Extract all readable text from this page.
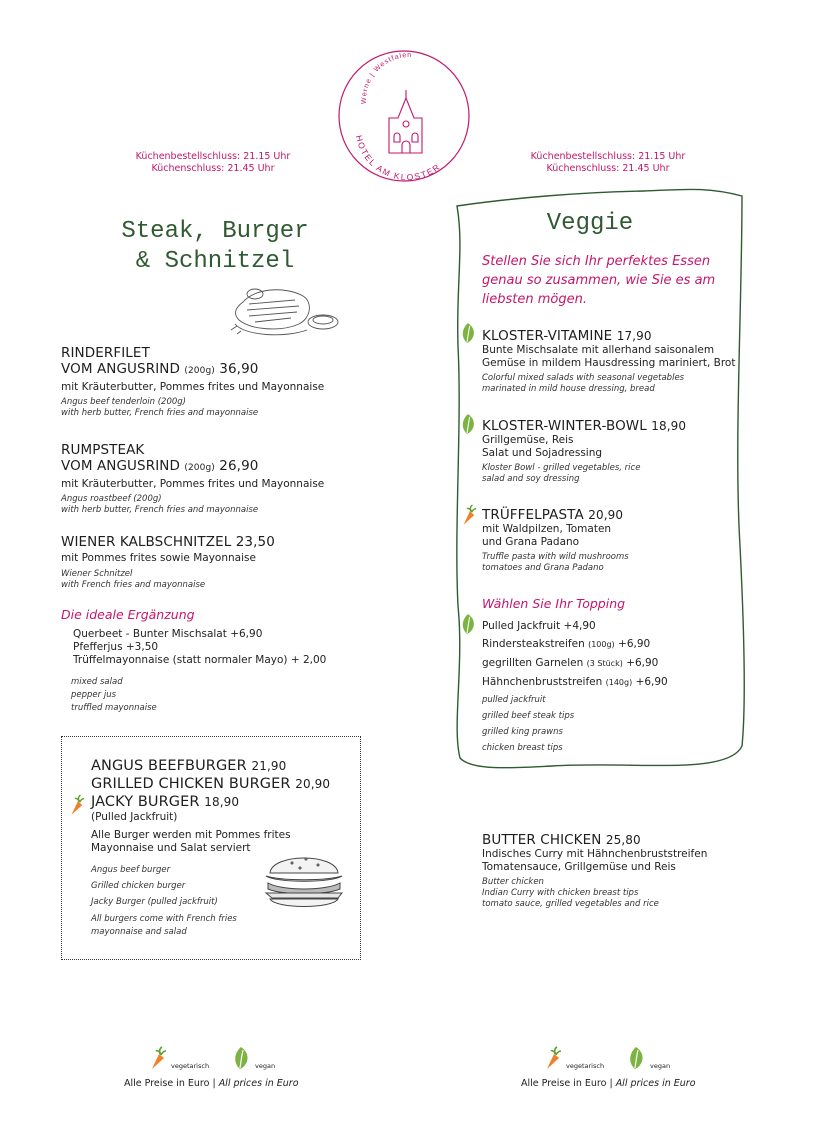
Werne | Westfalen
HOTEL AM KLOSTER
Küchenbestellschluss: 21.15 Uhr
Küchenschluss: 21.45 Uhr
Küchenbestellschluss: 21.15 Uhr
Küchenschluss: 21.45 Uhr
Steak, Burger
& Schnitzel
RINDERFILET
VOM ANGUSRIND (200g) 36,90
mit Kräuterbutter, Pommes frites und Mayonnaise
Angus beef tenderloin (200g)
with herb butter, French fries and mayonnaise
RUMPSTEAK
VOM ANGUSRIND (200g) 26,90
mit Kräuterbutter, Pommes frites und Mayonnaise
Angus roastbeef (200g)
with herb butter, French fries and mayonnaise
WIENER KALBSCHNITZEL 23,50
mit Pommes frites sowie Mayonnaise
Wiener Schnitzel
with French fries and mayonnaise
Die ideale Ergänzung
Querbeet - Bunter Mischsalat +6,90
Pfefferjus +3,50
Trüffelmayonnaise (statt normaler Mayo) + 2,00
mixed salad
pepper jus
truffled mayonnaise
ANGUS BEEFBURGER 21,90
GRILLED CHICKEN BURGER 20,90
JACKY BURGER 18,90
(Pulled Jackfruit)
Alle Burger werden mit Pommes frites
Mayonnaise und Salat serviert
Angus beef burger
Grilled chicken burger
Jacky Burger (pulled jackfruit)
All burgers come with French fries
mayonnaise and salad
Veggie
Stellen Sie sich Ihr perfektes Essen
genau so zusammen, wie Sie es am
liebsten mögen.
KLOSTER-VITAMINE 17,90
Bunte Mischsalate mit allerhand saisonalem
Gemüse in mildem Hausdressing mariniert, Brot
Colorful mixed salads with seasonal vegetables
marinated in mild house dressing, bread
KLOSTER-WINTER-BOWL 18,90
Grillgemüse, Reis
Salat und Sojadressing
Kloster Bowl - grilled vegetables, rice
salad and soy dressing
TRÜFFELPASTA 20,90
mit Waldpilzen, Tomaten
und Grana Padano
Truffle pasta with wild mushrooms
tomatoes and Grana Padano
Wählen Sie Ihr Topping
Pulled Jackfruit +4,90
Rindersteakstreifen (100g) +6,90
gegrillten Garnelen (3 Stück) +6,90
Hähnchenbruststreifen (140g) +6,90
pulled jackfruit
grilled beef steak tips
grilled king prawns
chicken breast tips
BUTTER CHICKEN 25,80
Indisches Curry mit Hähnchenbruststreifen
Tomatensauce, Grillgemüse und Reis
Butter chicken
Indian Curry with chicken breast tips
tomato sauce, grilled vegetables and rice
vegetarisch	vegan
Alle Preise in Euro | All prices in Euro
vegetarisch	vegan
Alle Preise in Euro | All prices in Euro
